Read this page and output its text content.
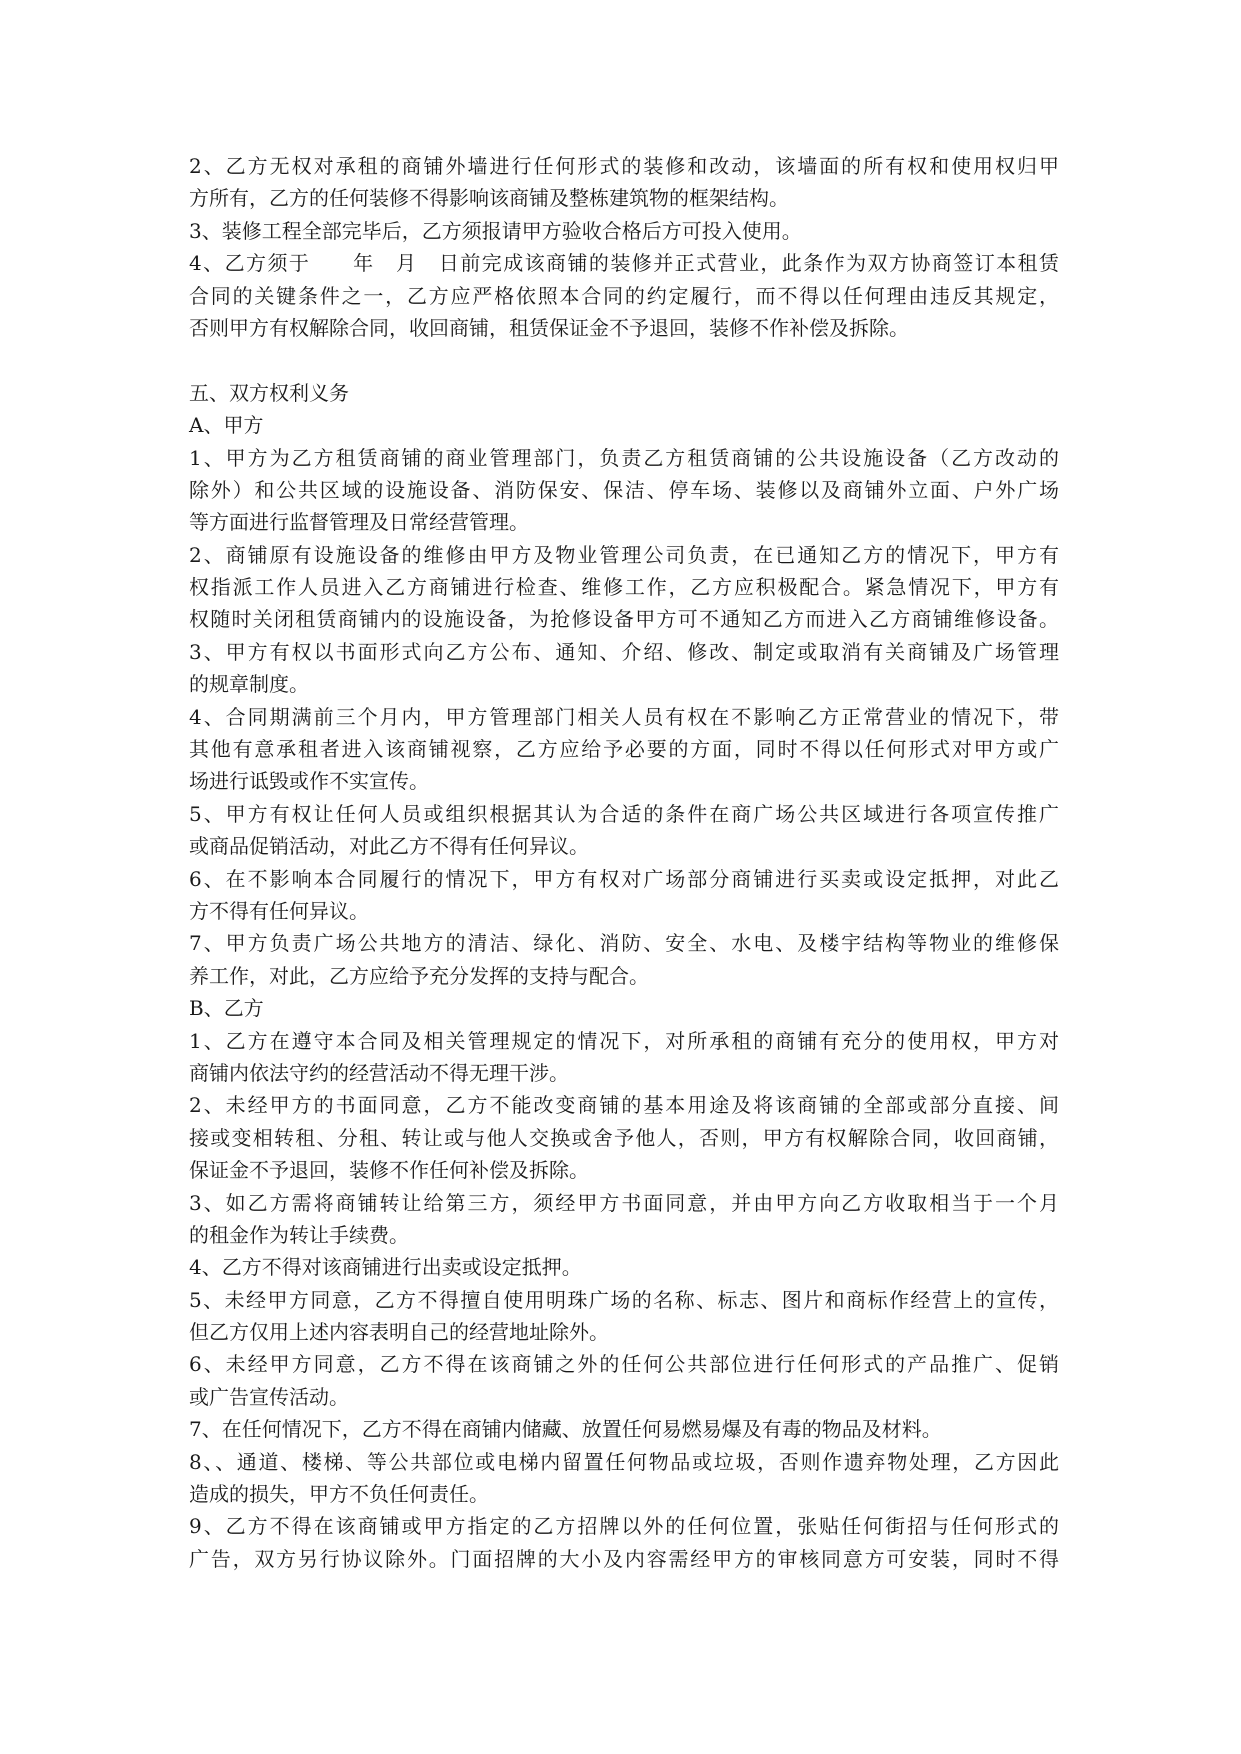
2、乙方无权对承租的商铺外墙进行任何形式的装修和改动，该墙面的所有权和使用权归甲
方所有，乙方的任何装修不得影响该商铺及整栋建筑物的框架结构。
3、装修工程全部完毕后，乙方须报请甲方验收合格后方可投入使用。
4、乙方须于　　年　月　日前完成该商铺的装修并正式营业，此条作为双方协商签订本租赁
合同的关键条件之一，乙方应严格依照本合同的约定履行，而不得以任何理由违反其规定，
否则甲方有权解除合同，收回商铺，租赁保证金不予退回，装修不作补偿及拆除。
五、双方权利义务
A、甲方
1、甲方为乙方租赁商铺的商业管理部门，负责乙方租赁商铺的公共设施设备（乙方改动的
除外）和公共区域的设施设备、消防保安、保洁、停车场、装修以及商铺外立面、户外广场
等方面进行监督管理及日常经营管理。
2、商铺原有设施设备的维修由甲方及物业管理公司负责，在已通知乙方的情况下，甲方有
权指派工作人员进入乙方商铺进行检查、维修工作，乙方应积极配合。紧急情况下，甲方有
权随时关闭租赁商铺内的设施设备，为抢修设备甲方可不通知乙方而进入乙方商铺维修设备。
3、甲方有权以书面形式向乙方公布、通知、介绍、修改、制定或取消有关商铺及广场管理
的规章制度。
4、合同期满前三个月内，甲方管理部门相关人员有权在不影响乙方正常营业的情况下，带
其他有意承租者进入该商铺视察，乙方应给予必要的方面，同时不得以任何形式对甲方或广
场进行诋毁或作不实宣传。
5、甲方有权让任何人员或组织根据其认为合适的条件在商广场公共区域进行各项宣传推广
或商品促销活动，对此乙方不得有任何异议。
6、在不影响本合同履行的情况下，甲方有权对广场部分商铺进行买卖或设定抵押，对此乙
方不得有任何异议。
7、甲方负责广场公共地方的清洁、绿化、消防、安全、水电、及楼宇结构等物业的维修保
养工作，对此，乙方应给予充分发挥的支持与配合。
B、乙方
1、乙方在遵守本合同及相关管理规定的情况下，对所承租的商铺有充分的使用权，甲方对
商铺内依法守约的经营活动不得无理干涉。
2、未经甲方的书面同意，乙方不能改变商铺的基本用途及将该商铺的全部或部分直接、间
接或变相转租、分租、转让或与他人交换或舍予他人，否则，甲方有权解除合同，收回商铺，
保证金不予退回，装修不作任何补偿及拆除。
3、如乙方需将商铺转让给第三方，须经甲方书面同意，并由甲方向乙方收取相当于一个月
的租金作为转让手续费。
4、乙方不得对该商铺进行出卖或设定抵押。
5、未经甲方同意，乙方不得擅自使用明珠广场的名称、标志、图片和商标作经营上的宣传，
但乙方仅用上述内容表明自己的经营地址除外。
6、未经甲方同意，乙方不得在该商铺之外的任何公共部位进行任何形式的产品推广、促销
或广告宣传活动。
7、在任何情况下，乙方不得在商铺内储藏、放置任何易燃易爆及有毒的物品及材料。
8、、通道、楼梯、等公共部位或电梯内留置任何物品或垃圾，否则作遗弃物处理，乙方因此
造成的损失，甲方不负任何责任。
9、乙方不得在该商铺或甲方指定的乙方招牌以外的任何位置，张贴任何街招与任何形式的
广告，双方另行协议除外。门面招牌的大小及内容需经甲方的审核同意方可安装，同时不得
